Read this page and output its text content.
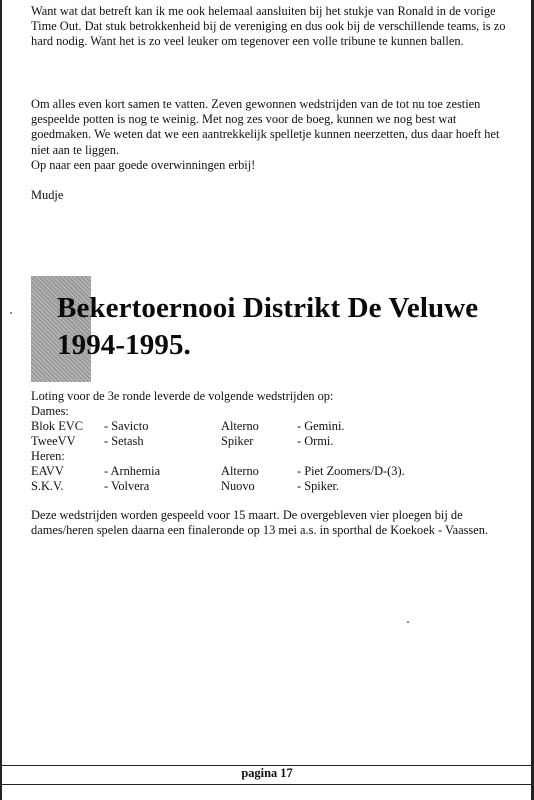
Want wat dat betreft kan ik me ook helemaal aansluiten bij het stukje van Ronald in de vorige Time Out. Dat stuk betrokkenheid bij de vereniging en dus ook bij de verschillende teams, is zo hard nodig. Want het is zo veel leuker om tegenover een volle tribune te kunnen ballen.

Om alles even kort samen te vatten. Zeven gewonnen wedstrijden van de tot nu toe zestien gespeelde potten is nog te weinig. Met nog zes voor de boeg, kunnen we nog best wat goedmaken. We weten dat we een aantrekkelijk spelletje kunnen neerzetten, dus daar hoeft het niet aan te liggen.
Op naar een paar goede overwinningen erbij!

Mudje

Bekertoernooi Distrikt De Veluwe
1994-1995.

Loting voor de 3e ronde leverde de volgende wedstrijden op:

Dames:
Blok EVC - Savicto	Alterno	- Gemini.
TweeVV - Setash	Spiker	- Ormi.
Heren:
EAVV	- Arnhemia	Alterno	- Piet Zoomers/D-(3).
S.K.V.	- Volvera	Nuovo	- Spiker.

Deze wedstrijden worden gespeeld voor 15 maart. De overgebleven vier ploegen bij de dames/heren spelen daarna een finaleronde op 13 mei a.s. in sporthal de Koekoek - Vaassen.

pagina 17
